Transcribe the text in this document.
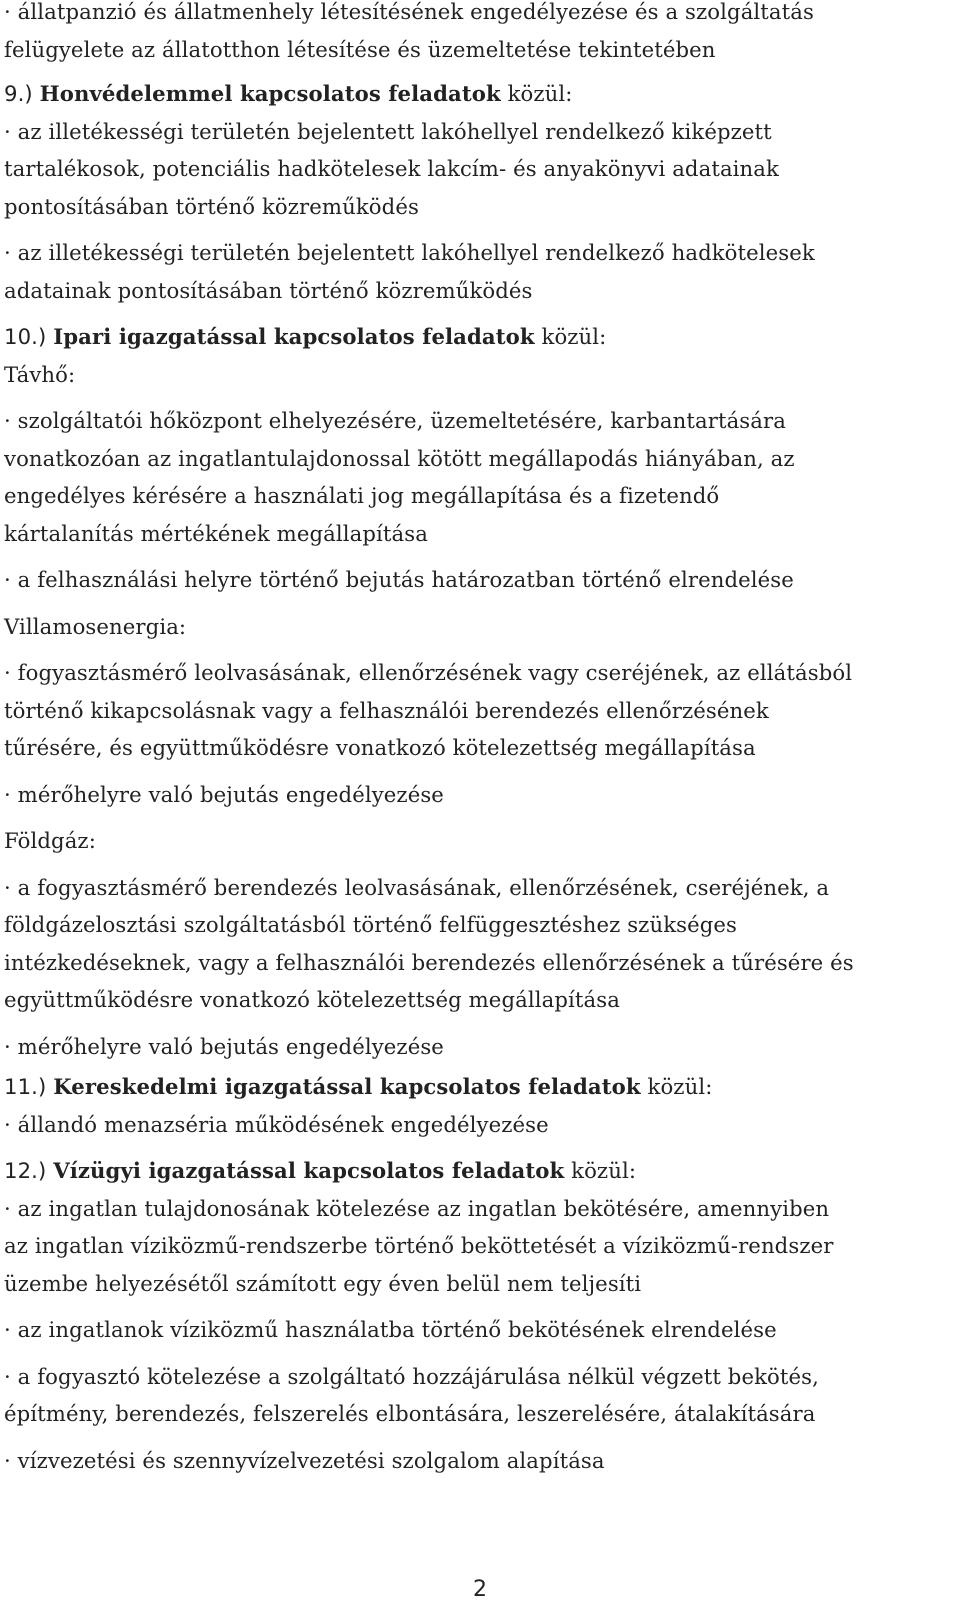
· állatpanzió és állatmenhely létesítésének engedélyezése és a szolgáltatás
felügyelete az állatotthon létesítése és üzemeltetése tekintetében
9.) Honvédelemmel kapcsolatos feladatok közül:
· az illetékességi területén bejelentett lakóhellyel rendelkező kiképzett
tartalékosok, potenciális hadkötelesek lakcím- és anyakönyvi adatainak
pontosításában történő közreműködés
· az illetékességi területén bejelentett lakóhellyel rendelkező hadkötelesek
adatainak pontosításában történő közreműködés
10.) Ipari igazgatással kapcsolatos feladatok közül:
Távhő:
· szolgáltatói hőközpont elhelyezésére, üzemeltetésére, karbantartására
vonatkozóan az ingatlantulajdonossal kötött megállapodás hiányában, az
engedélyes kérésére a használati jog megállapítása és a fizetendő
kártalanítás mértékének megállapítása
· a felhasználási helyre történő bejutás határozatban történő elrendelése
Villamosenergia:
· fogyasztásmérő leolvasásának, ellenőrzésének vagy cseréjének, az ellátásból
történő kikapcsolásnak vagy a felhasználói berendezés ellenőrzésének
tűrésére, és együttműködésre vonatkozó kötelezettség megállapítása
· mérőhelyre való bejutás engedélyezése
Földgáz:
· a fogyasztásmérő berendezés leolvasásának, ellenőrzésének, cseréjének, a
földgázelosztási szolgáltatásból történő felfüggesztéshez szükséges
intézkedéseknek, vagy a felhasználói berendezés ellenőrzésének a tűrésére és
együttműködésre vonatkozó kötelezettség megállapítása
· mérőhelyre való bejutás engedélyezése
11.) Kereskedelmi igazgatással kapcsolatos feladatok közül:
· állandó menazséria működésének engedélyezése
12.) Vízügyi igazgatással kapcsolatos feladatok közül:
· az ingatlan tulajdonosának kötelezése az ingatlan bekötésére, amennyiben
az ingatlan víziközmű-rendszerbe történő beköttetését a víziközmű-rendszer
üzembe helyezésétől számított egy éven belül nem teljesíti
· az ingatlanok víziközmű használatba történő bekötésének elrendelése
· a fogyasztó kötelezése a szolgáltató hozzájárulása nélkül végzett bekötés,
építmény, berendezés, felszerelés elbontására, leszerelésére, átalakítására
· vízvezetési és szennyvízelvezetési szolgalom alapítása
2
